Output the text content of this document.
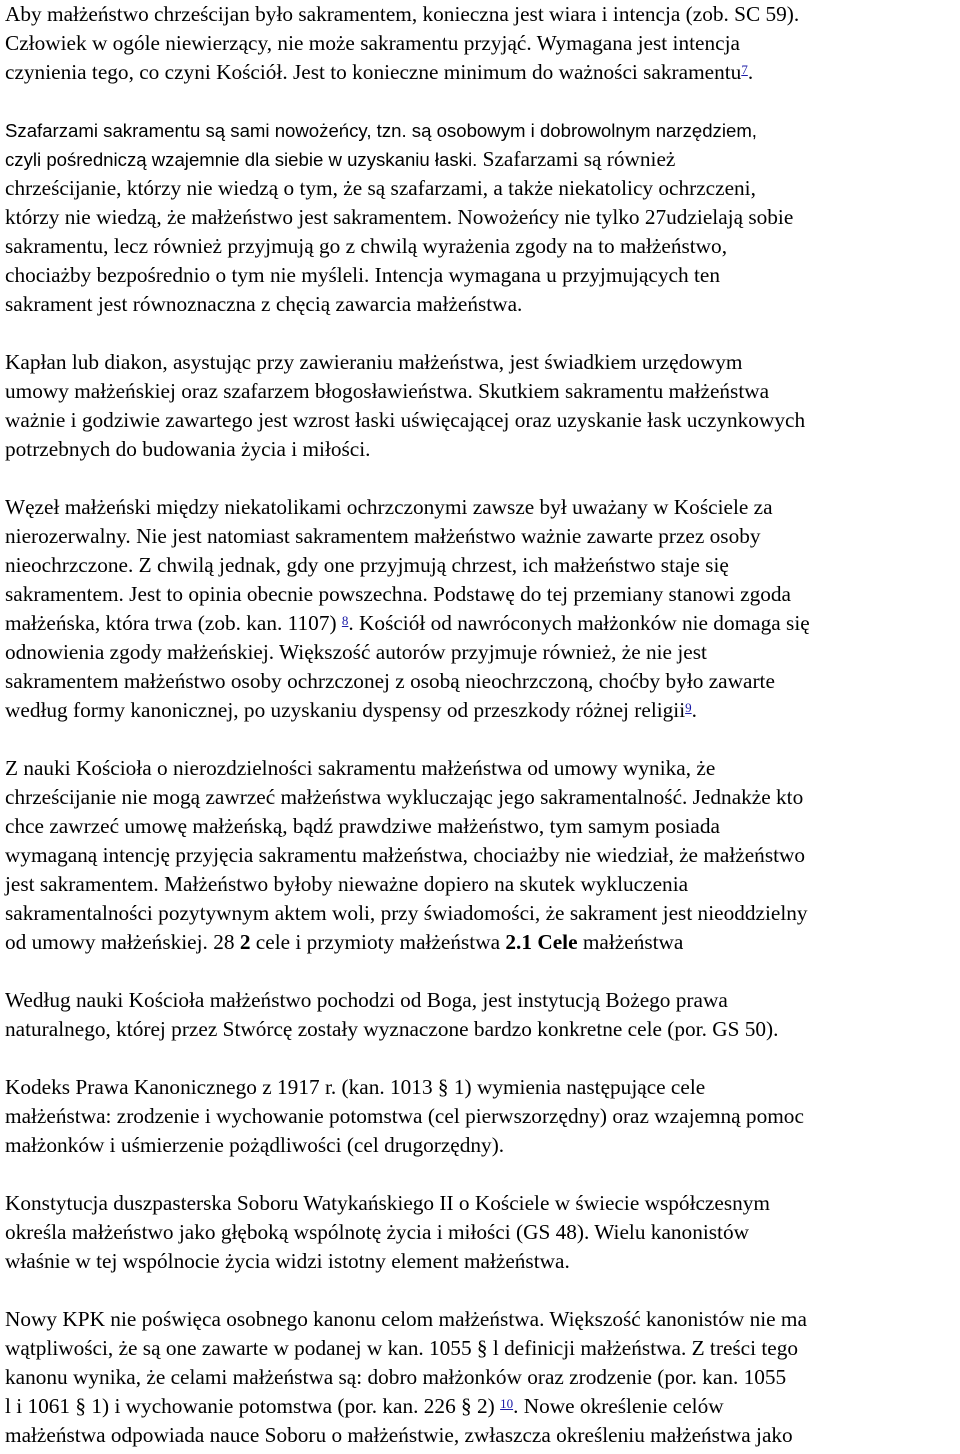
Aby małżeństwo chrześcijan było sakramentem, konieczna jest wiara i intencja (zob. SC 59).
Człowiek w ogóle niewierzący, nie może sakramentu przyjąć. Wymagana jest intencja
czynienia tego, co czyni Kościół. Jest to konieczne minimum do ważności sakramentu$^7$.
Szafarzami sakramentu są sami nowożeńcy, tzn. są osobowym i dobrowolnym narzędziem,
czyli pośredniczą wzajemnie dla siebie w uzyskaniu łaski. Szafarzami są również
chrześcijanie, którzy nie wiedzą o tym, że są szafarzami, a także niekatolicy ochrzczeni,
którzy nie wiedzą, że małżeństwo jest sakramentem. Nowożeńcy nie tylko 27udzielają sobie
sakramentu, lecz również przyjmują go z chwilą wyrażenia zgody na to małżeństwo,
chociażby bezpośrednio o tym nie myśleli. Intencja wymagana u przyjmujących ten
sakrament jest równoznaczna z chęcią zawarcia małżeństwa.
Kapłan lub diakon, asystując przy zawieraniu małżeństwa, jest świadkiem urzędowym
umowy małżeńskiej oraz szafarzem błogosławieństwa. Skutkiem sakramentu małżeństwa
ważnie i godziwie zawartego jest wzrost łaski uświęcającej oraz uzyskanie łask uczynkowych
potrzebnych do budowania życia i miłości.
Węzeł małżeński między niekatolikami ochrzczonymi zawsze był uważany w Kościele za
nierozerwalny. Nie jest natomiast sakramentem małżeństwo ważnie zawarte przez osoby
nieochrzczone. Z chwilą jednak, gdy one przyjmują chrzest, ich małżeństwo staje się
sakramentem. Jest to opinia obecnie powszechna. Podstawę do tej przemiany stanowi zgoda
małżeńska, która trwa (zob. kan. 1107) $^8$. Kościół od nawróconych małżonków nie domaga się
odnowienia zgody małżeńskiej. Większość autorów przyjmuje również, że nie jest
sakramentem małżeństwo osoby ochrzczonej z osobą nieochrzczoną, choćby było zawarte
według formy kanonicznej, po uzyskaniu dyspensy od przeszkody różnej religii$^9$.
Z nauki Kościoła o nierozdzielności sakramentu małżeństwa od umowy wynika, że
chrześcijanie nie mogą zawrzeć małżeństwa wykluczając jego sakramentalność. Jednakże kto
chce zawrzeć umowę małżeńską, bądź prawdziwe małżeństwo, tym samym posiada
wymaganą intencję przyjęcia sakramentu małżeństwa, chociażby nie wiedział, że małżeństwo
jest sakramentem. Małżeństwo byłoby nieważne dopiero na skutek wykluczenia
sakramentalności pozytywnym aktem woli, przy świadomości, że sakrament jest nieoddzielny
od umowy małżeńskiej. 28 2 cele i przymioty małżeństwa 2.1 Cele małżeństwa
Według nauki Kościoła małżeństwo pochodzi od Boga, jest instytucją Bożego prawa
naturalnego, której przez Stwórcę zostały wyznaczone bardzo konkretne cele (por. GS 50).
Kodeks Prawa Kanonicznego z 1917 r. (kan. 1013 § 1) wymienia następujące cele
małżeństwa: zrodzenie i wychowanie potomstwa (cel pierwszorzędny) oraz wzajemną pomoc
małżonków i uśmierzenie pożądliwości (cel drugorzędny).
Konstytucja duszpasterska Soboru Watykańskiego II o Kościele w świecie współczesnym
określa małżeństwo jako głęboką wspólnotę życia i miłości (GS 48). Wielu kanonistów
właśnie w tej wspólnocie życia widzi istotny element małżeństwa.
Nowy KPK nie poświęca osobnego kanonu celom małżeństwa. Większość kanonistów nie ma
wątpliwości, że są one zawarte w podanej w kan. 1055 § l definicji małżeństwa. Z treści tego
kanonu wynika, że celami małżeństwa są: dobro małżonków oraz zrodzenie (por. kan. 1055
l i 1061 § 1) i wychowanie potomstwa (por. kan. 226 § 2) $^{10}$. Nowe określenie celów
małżeństwa odpowiada nauce Soboru o małżeństwie, zwłaszcza określeniu małżeństwa jako
